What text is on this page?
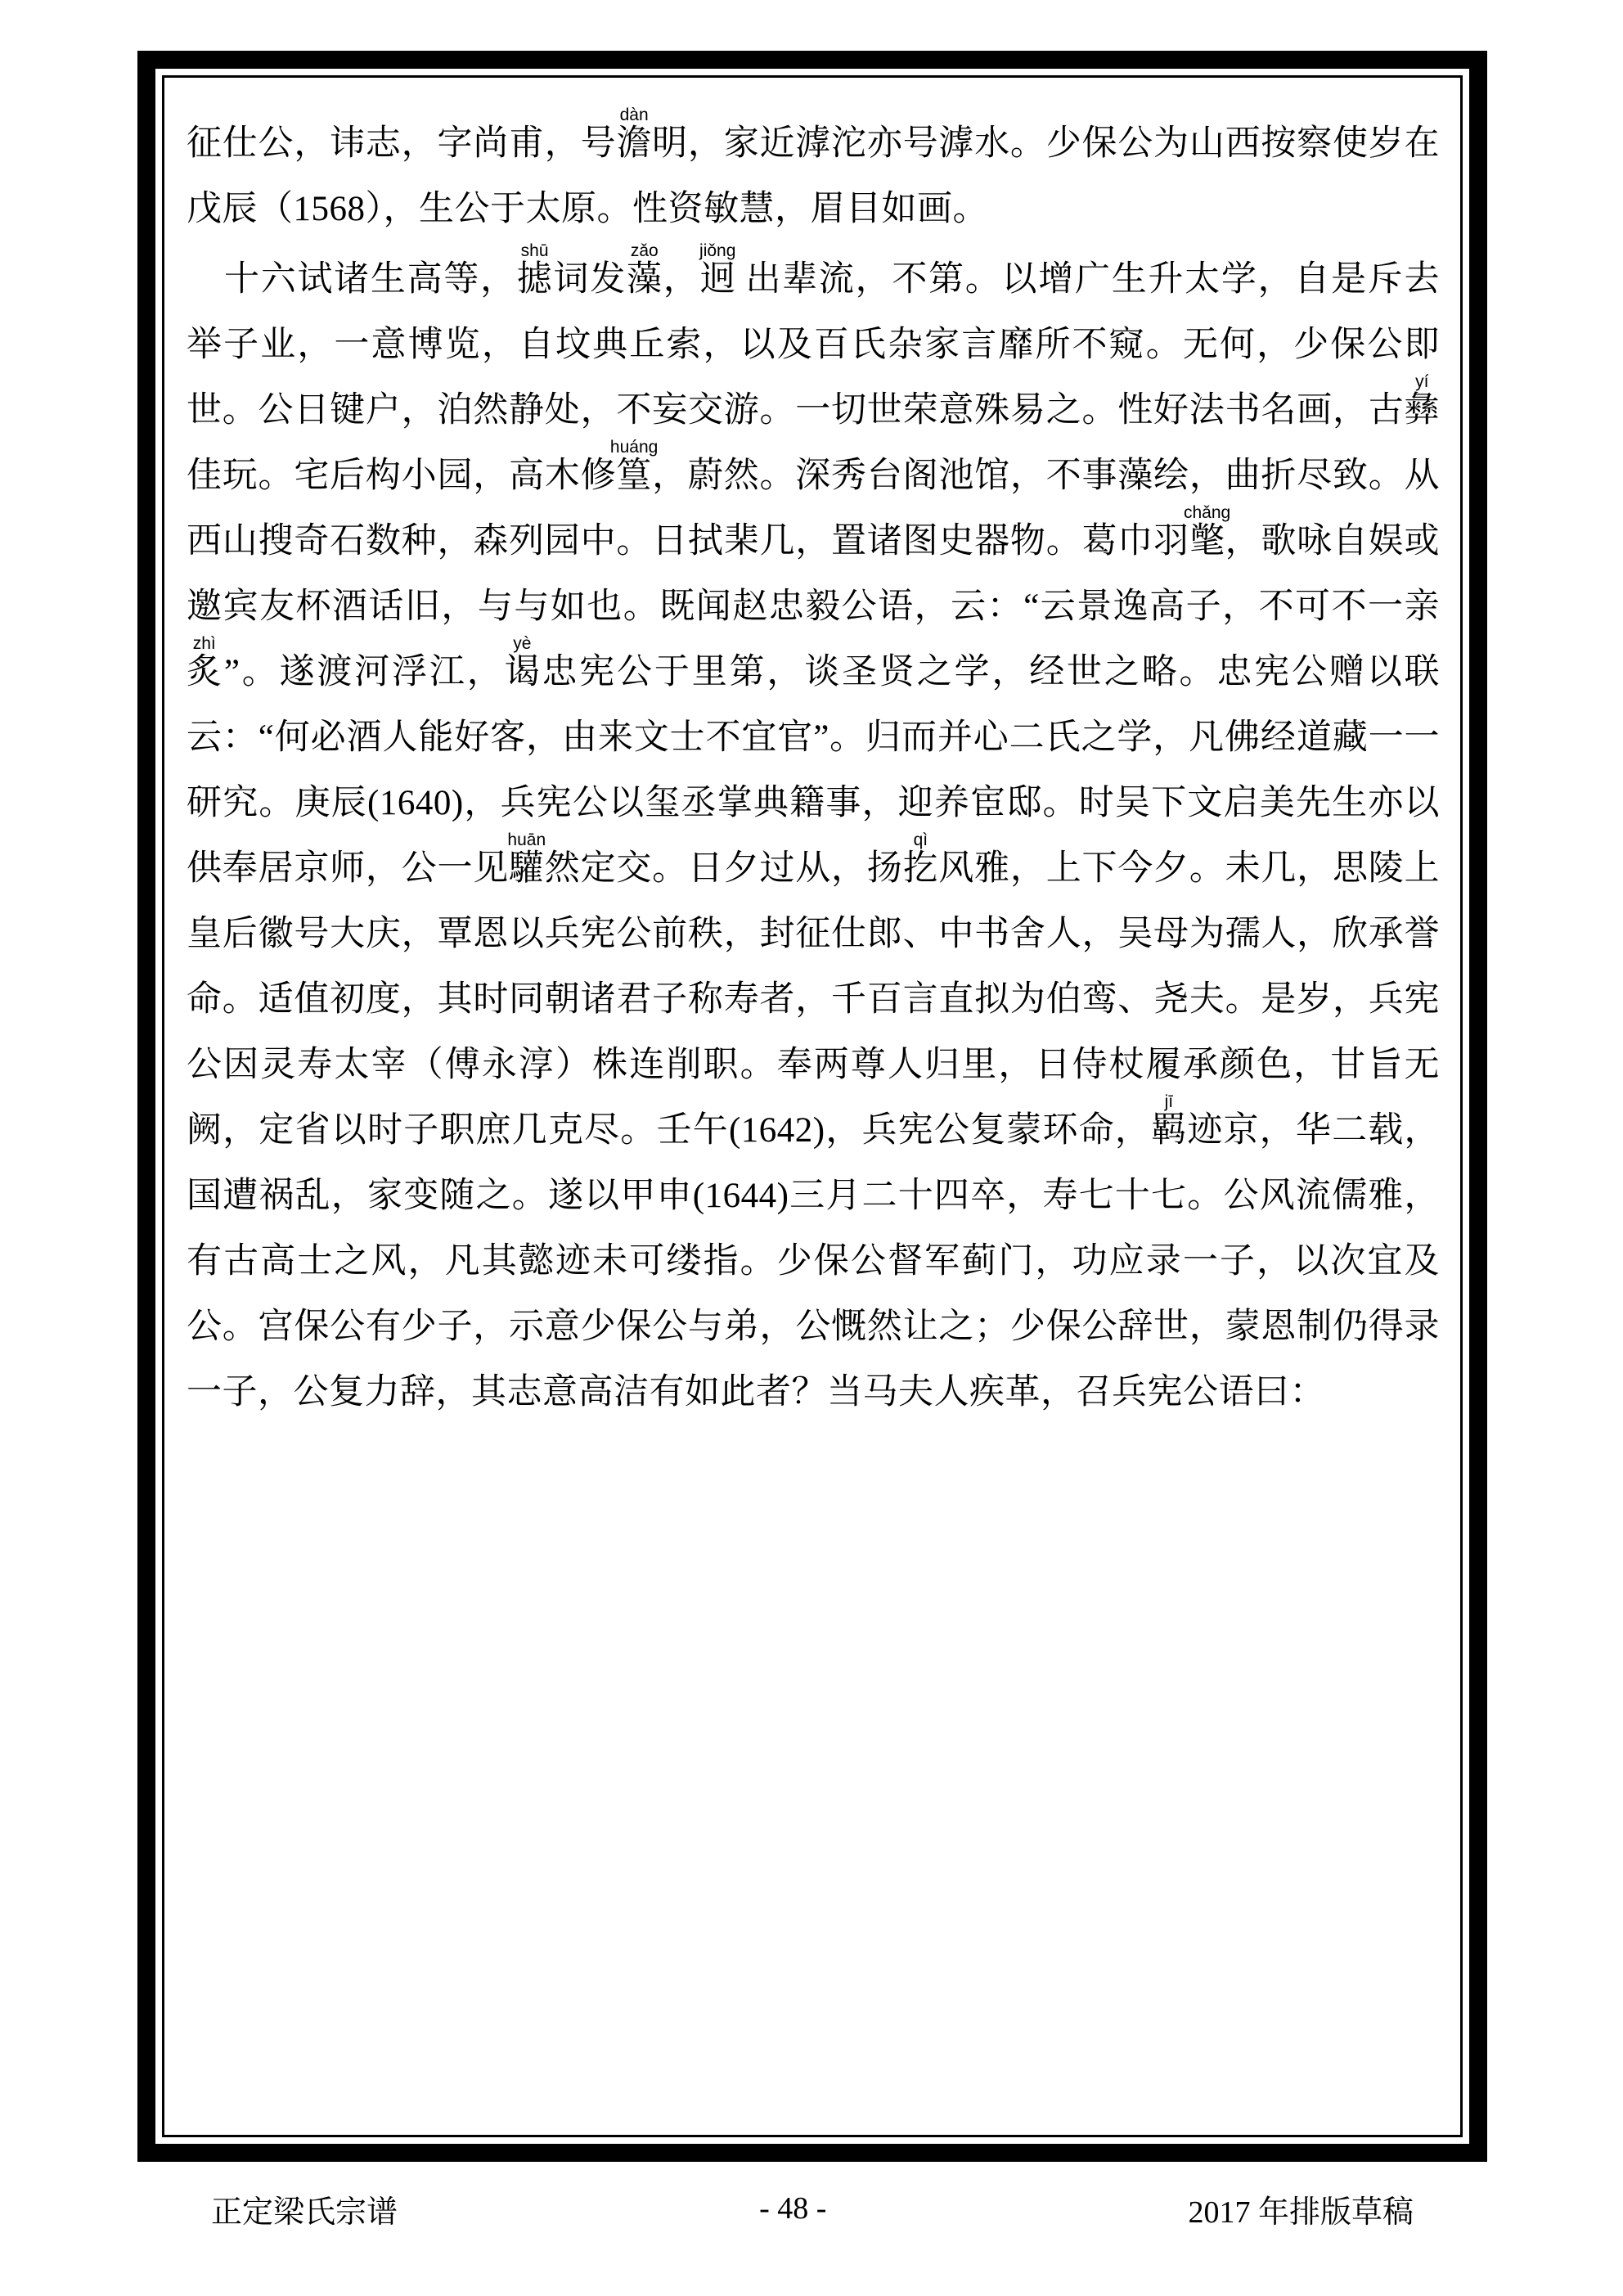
征仕公，讳志，字尚甫，号澹dàn明，家近滹沱亦号滹水。少保公为山西按察使岁在戊辰（1568），生公于太原。性资敏慧，眉目如画。

十六试诸生高等，摅shū词发藻zǎo，迥jiǒng 出辈流，不第。以增广生升太学，自是斥去举子业，一意博览，自坟典丘索，以及百氏杂家言靡所不窥。无何，少保公即世。公日键户，泊然静处，不妄交游。一切世荣意殊易之。性好法书名画，古彝yí佳玩。宅后构小园，高木修篁huáng，蔚然。深秀台阁池馆，不事藻绘，曲折尽致。从西山搜奇石数种，森列园中。日拭棐几，置诸图史器物。葛巾羽氅chǎng，歌咏自娱或邀宾友杯酒话旧，与与如也。既闻赵忠毅公语，云：“云景逸高子，不可不一亲炙zhì”。遂渡河浮江，谒yè忠宪公于里第，谈圣贤之学，经世之略。忠宪公赠以联云：“何必酒人能好客，由来文士不宜官”。归而并心二氏之学，凡佛经道藏一一研究。庚辰(1640)，兵宪公以玺丞掌典籍事，迎养宦邸。时吴下文启美先生亦以供奉居京师，公一见驩huān然定交。日夕过从，扬扢qì风雅，上下今夕。未几，思陵上皇后徽号大庆，覃恩以兵宪公前秩，封征仕郎、中书舍人，吴母为孺人，欣承誉命。适值初度，其时同朝诸君子称寿者，千百言直拟为伯鸾、尧夫。是岁，兵宪公因灵寿太宰（傅永淳）株连削职。奉两尊人归里，日侍杖履承颜色，甘旨无阙，定省以时子职庶几克尽。壬午(1642)，兵宪公复蒙环命，羁jī迹京，华二载，国遭祸乱，家变随之。遂以甲申(1644)三月二十四卒，寿七十七。公风流儒雅，有古高士之风，凡其懿迹未可缕指。少保公督军蓟门，功应录一子，以次宜及公。宫保公有少子，示意少保公与弟，公慨然让之；少保公辞世，蒙恩制仍得录一子，公复力辞，其志意高洁有如此者？当马夫人疾革，召兵宪公语曰：

正定梁氏宗谱	- 48 -	2017 年排版草稿
